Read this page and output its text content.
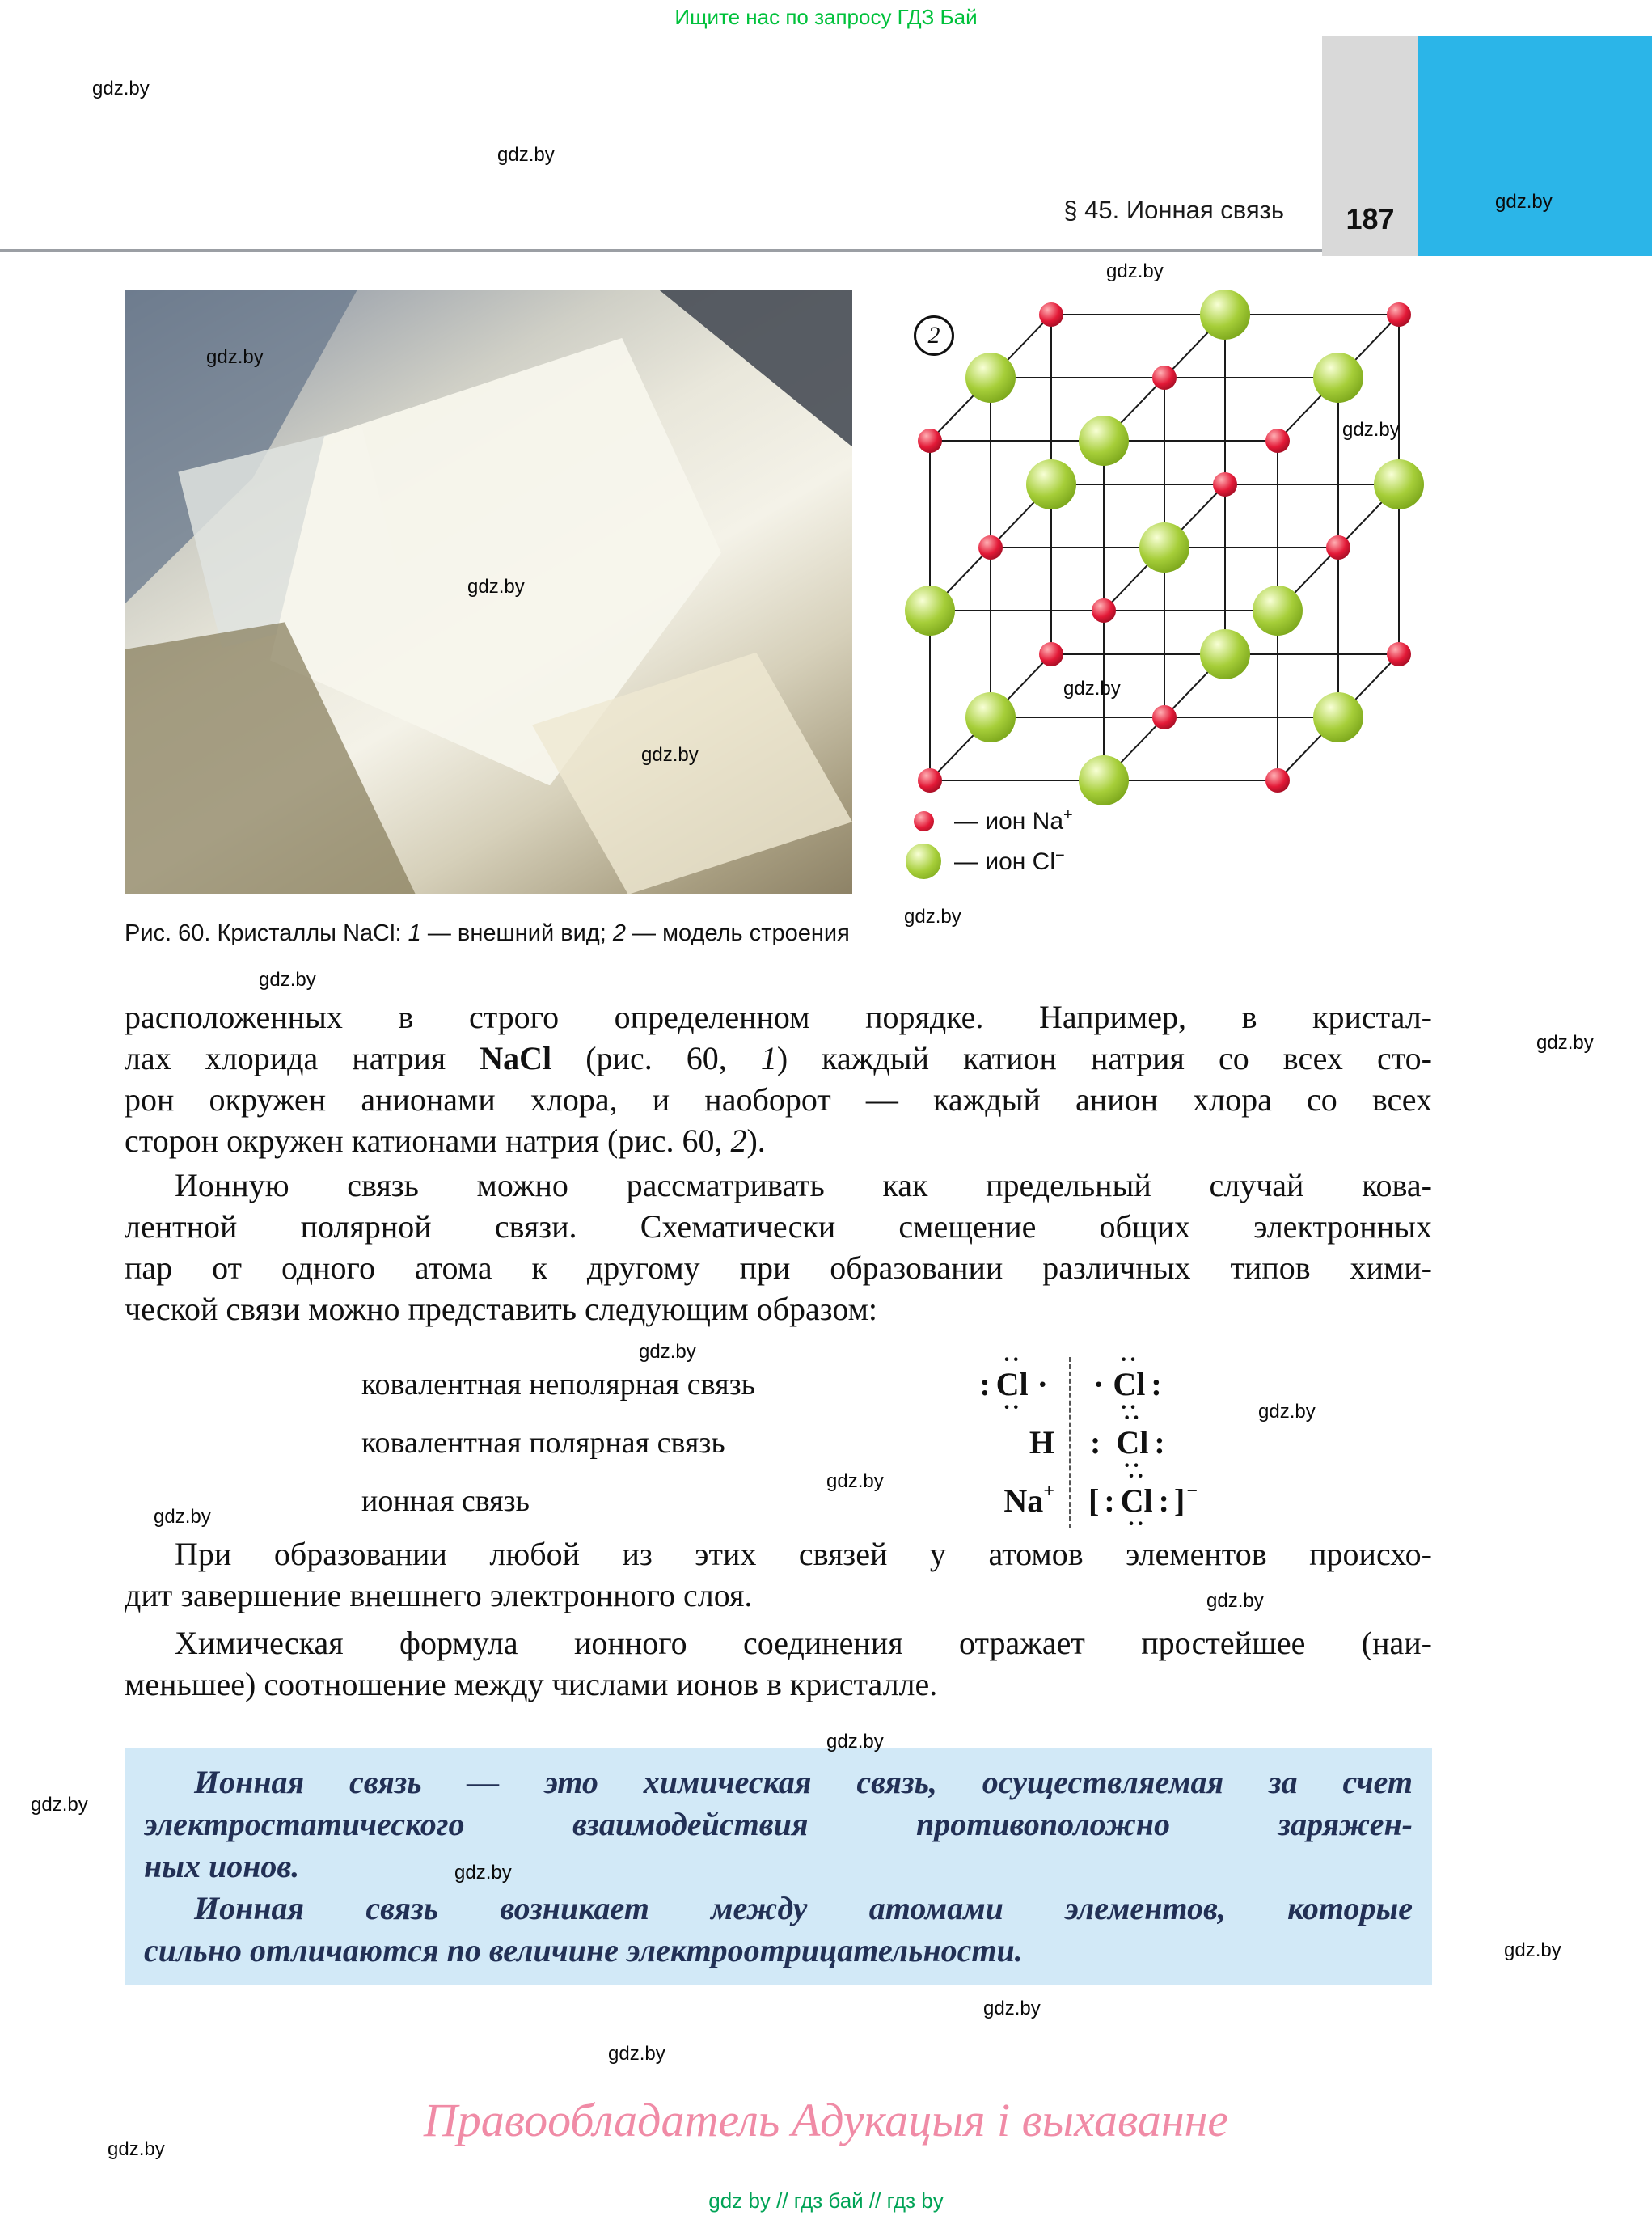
Ищите нас по запросу ГДЗ Бай
§ 45. Ионная связь 187
2
— ион Na+
— ион Cl−
Рис. 60. Кристаллы NaCl: 1 — внешний вид; 2 — модель строения
расположенных в строго определенном порядке. Например, в кристал-
лах хлорида натрия NaCl (рис. 60, 1) каждый катион натрия со всех сто-
рон окружен анионами хлора, и наоборот — каждый анион хлора со всех
сторон окружен катионами натрия (рис. 60, 2).
Ионную связь можно рассматривать как предельный случай кова-
лентной полярной связи. Схематически смещение общих электронных
пар от одного атома к другому при образовании различных типов хими-
ческой связи можно представить следующим образом:
ковалентная неполярная связь	: ·· Cl ·· · · ·· Cl ·· :
ковалентная полярная связь	H : ·· Cl ·· :
ионная связь	Na+ [ : ·· Cl ·· : ]−
При образовании любой из этих связей у атомов элементов происхо-
дит завершение внешнего электронного слоя.
Химическая формула ионного соединения отражает простейшее (наи-
меньшее) соотношение между числами ионов в кристалле.
Ионная связь — это химическая связь, осуществляемая за счет
электростатического взаимодействия противоположно заряжен-
ных ионов.
Ионная связь возникает между атомами элементов, которые
сильно отличаются по величине электроотрицательности.
Правообладатель Адукацыя і выхаванне
gdz by // гдз бай // гдз by
gdz.by
gdz.by
gdz.by
gdz.by
gdz.by
gdz.by
gdz.by
gdz.by
gdz.by
gdz.by
gdz.by
gdz.by
gdz.by
gdz.by
gdz.by
gdz.by
gdz.by
gdz.by
gdz.by
gdz.by
gdz.by
gdz.by
gdz.by
gdz.by
